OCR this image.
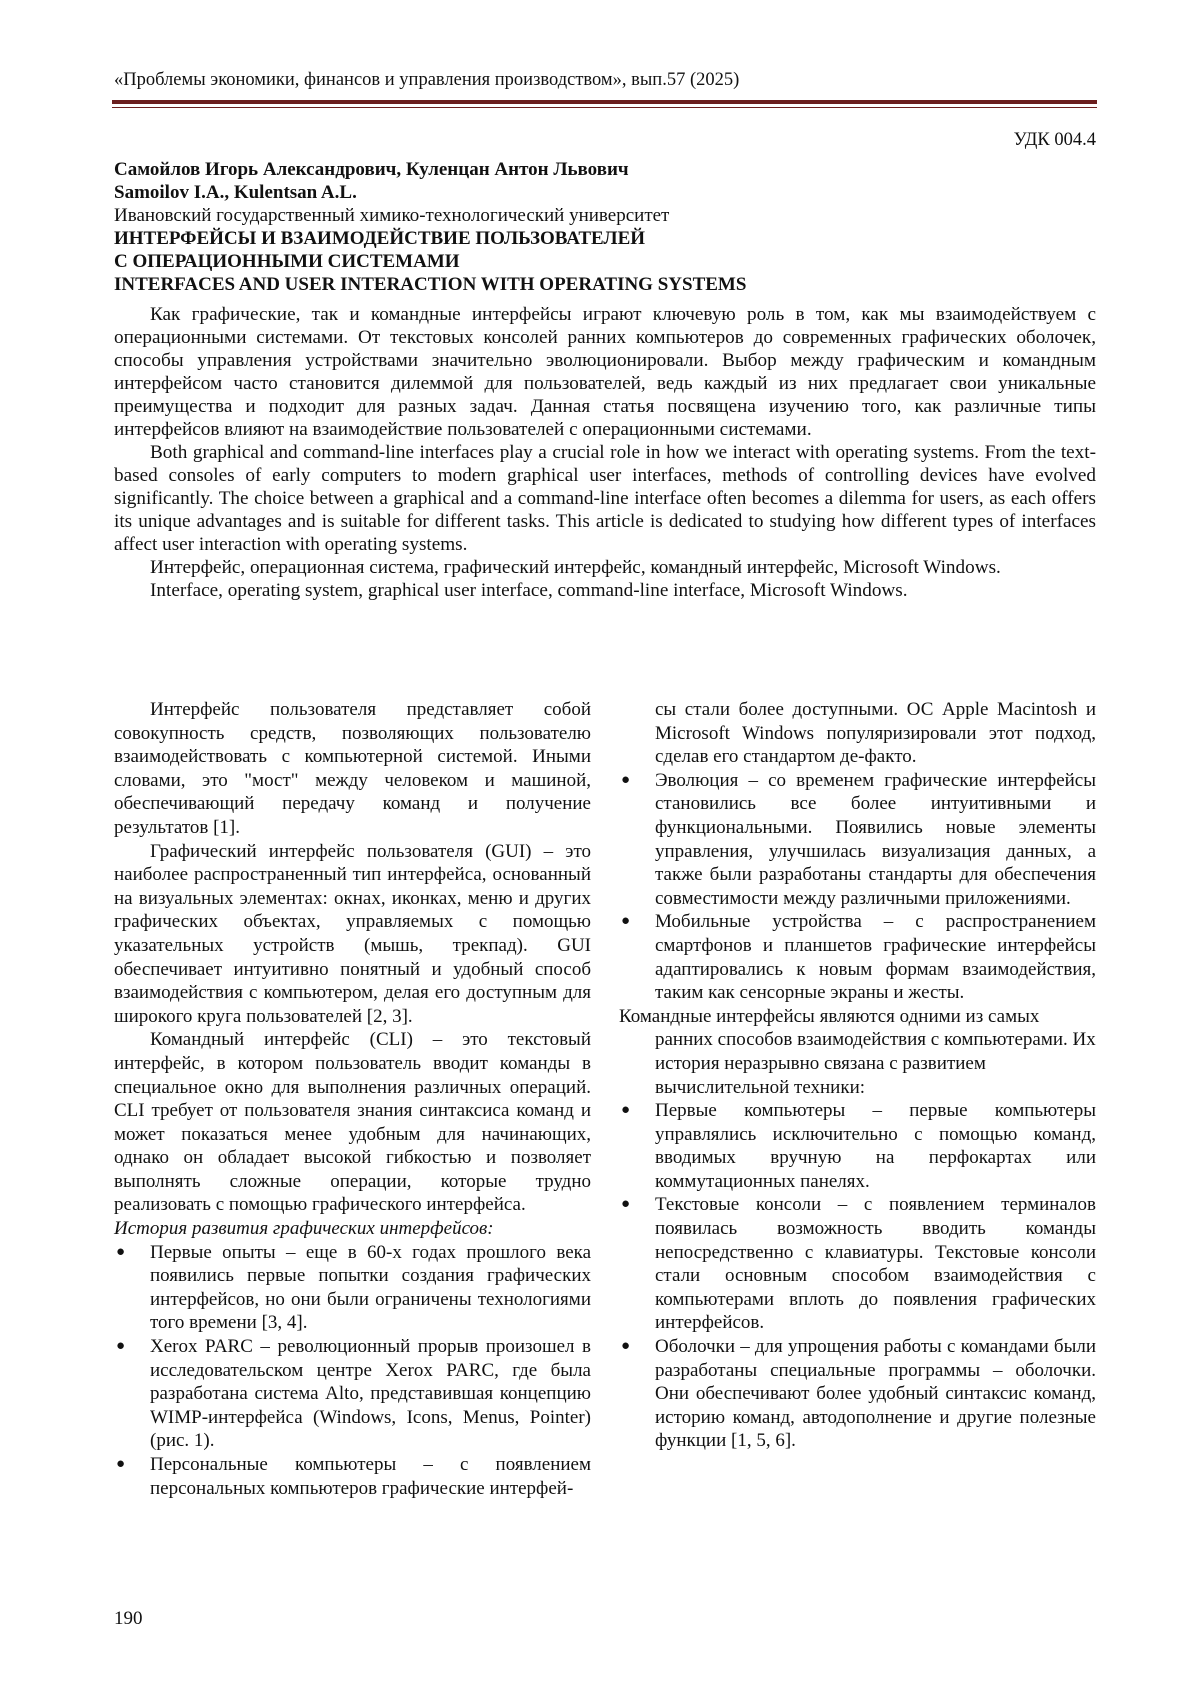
«Проблемы экономики, финансов и управления производством», вып.57 (2025)
УДК 004.4
Самойлов Игорь Александрович, Куленцан Антон Львович
Samoilov I.A., Kulentsan A.L.
Ивановский государственный химико-технологический университет
ИНТЕРФЕЙСЫ И ВЗАИМОДЕЙСТВИЕ ПОЛЬЗОВАТЕЛЕЙ
С ОПЕРАЦИОННЫМИ СИСТЕМАМИ
INTERFACES AND USER INTERACTION WITH OPERATING SYSTEMS

Как графические, так и командные интерфейсы играют ключевую роль в том, как мы взаимодействуем с операционными системами. От текстовых консолей ранних компьютеров до современных графических оболочек, способы управления устройствами значительно эволюционировали. Выбор между графическим и командным интерфейсом часто становится дилеммой для пользователей, ведь каждый из них предлагает свои уникальные преимущества и подходит для разных задач. Данная статья посвящена изучению того, как различные типы интерфейсов влияют на взаимодействие пользователей с операционными системами.

Both graphical and command-line interfaces play a crucial role in how we interact with operating systems. From the text-based consoles of early computers to modern graphical user interfaces, methods of controlling devices have evolved significantly. The choice between a graphical and a command-line interface often becomes a dilemma for users, as each offers its unique advantages and is suitable for different tasks. This article is dedicated to studying how different types of interfaces affect user interaction with operating systems.

Интерфейс, операционная система, графический интерфейс, командный интерфейс, Microsoft Windows.

Interface, operating system, graphical user interface, command-line interface, Microsoft Windows.

Интерфейс пользователя представляет собой совокупность средств, позволяющих пользователю взаимодействовать с компьютерной системой. Иными словами, это "мост" между человеком и машиной, обеспечивающий передачу команд и получение результатов [1].

Графический интерфейс пользователя (GUI) – это наиболее распространенный тип интерфейса, основанный на визуальных элементах: окнах, иконках, меню и других графических объектах, управляемых с помощью указательных устройств (мышь, трекпад). GUI обеспечивает интуитивно понятный и удобный способ взаимодействия с компьютером, делая его доступным для широкого круга пользователей [2, 3].

Командный интерфейс (CLI) – это текстовый интерфейс, в котором пользователь вводит команды в специальное окно для выполнения различных операций. CLI требует от пользователя знания синтаксиса команд и может показаться менее удобным для начинающих, однако он обладает высокой гибкостью и позволяет выполнять сложные операции, которые трудно реализовать с помощью графического интерфейса.

История развития графических интерфейсов:

● Первые опыты – еще в 60-х годах прошлого века появились первые попытки создания графических интерфейсов, но они были ограничены технологиями того времени [3, 4].
● Xerox PARC – революционный прорыв произошел в исследовательском центре Xerox PARC, где была разработана система Alto, представившая концепцию WIMP-интерфейса (Windows, Icons, Menus, Pointer) (рис. 1).
● Персональные компьютеры – с появлением персональных компьютеров графические интерфей-

сы стали более доступными. ОС Apple Macintosh и Microsoft Windows популяризировали этот подход, сделав его стандартом де-факто.

● Эволюция – со временем графические интерфейсы становились все более интуитивными и функциональными. Появились новые элементы управления, улучшилась визуализация данных, а также были разработаны стандарты для обеспечения совместимости между различными приложениями.
● Мобильные устройства – с распространением смартфонов и планшетов графические интерфейсы адаптировались к новым формам взаимодействия, таким как сенсорные экраны и жесты.

Командные интерфейсы являются одними из самых ранних способов взаимодействия с компьютерами. Их история неразрывно связана с развитием вычислительной техники:

● Первые компьютеры – первые компьютеры управлялись исключительно с помощью команд, вводимых вручную на перфокартах или коммутационных панелях.
● Текстовые консоли – с появлением терминалов появилась возможность вводить команды непосредственно с клавиатуры. Текстовые консоли стали основным способом взаимодействия с компьютерами вплоть до появления графических интерфейсов.
● Оболочки – для упрощения работы с командами были разработаны специальные программы – оболочки. Они обеспечивают более удобный синтаксис команд, историю команд, автодополнение и другие полезные функции [1, 5, 6].
190
